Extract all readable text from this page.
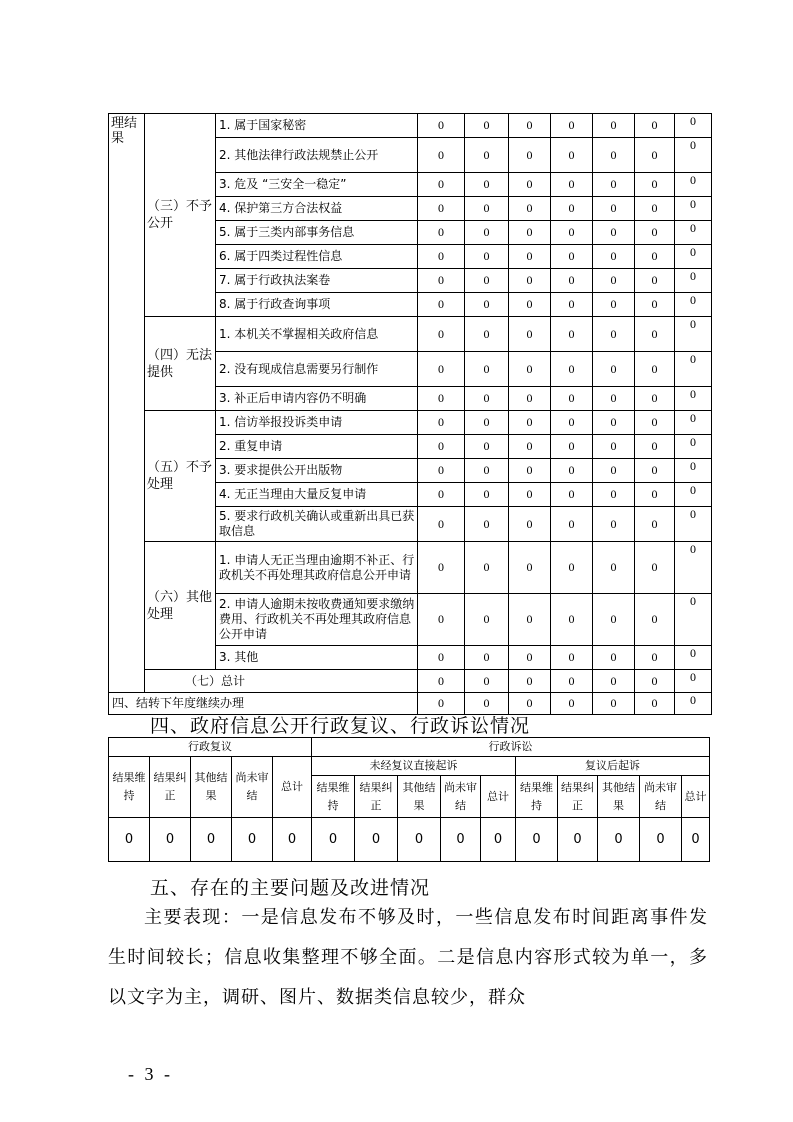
理结果	（三）不予公开	1. 属于国家秘密	0	0	0	0	0	0	0
		2. 其他法律行政法规禁止公开	0	0	0	0	0	0	0
		3. 危及 “三安全一稳定”	0	0	0	0	0	0	0
		4. 保护第三方合法权益	0	0	0	0	0	0	0
		5. 属于三类内部事务信息	0	0	0	0	0	0	0
		6. 属于四类过程性信息	0	0	0	0	0	0	0
		7. 属于行政执法案卷	0	0	0	0	0	0	0
		8. 属于行政查询事项	0	0	0	0	0	0	0
	（四）无法提供	1. 本机关不掌握相关政府信息	0	0	0	0	0	0	0
		2. 没有现成信息需要另行制作	0	0	0	0	0	0	0
		3. 补正后申请内容仍不明确	0	0	0	0	0	0	0
	（五）不予处理	1. 信访举报投诉类申请	0	0	0	0	0	0	0
		2. 重复申请	0	0	0	0	0	0	0
		3. 要求提供公开出版物	0	0	0	0	0	0	0
		4. 无正当理由大量反复申请	0	0	0	0	0	0	0
		5. 要求行政机关确认或重新出具已获取信息	0	0	0	0	0	0	0
	（六）其他处理	1. 申请人无正当理由逾期不补正、行政机关不再处理其政府信息公开申请	0	0	0	0	0	0	0
		2. 申请人逾期未按收费通知要求缴纳费用、行政机关不再处理其政府信息公开申请	0	0	0	0	0	0	0
		3. 其他	0	0	0	0	0	0	0
	（七）总计		0	0	0	0	0	0	0
四、结转下年度继续办理			0	0	0	0	0	0	0
四、政府信息公开行政复议、行政诉讼情况
行政复议					行政诉讼									
结果维持	结果纠正	其他结果	尚未审结	总计	未经复议直接起诉					复议后起诉				
					结果维持	结果纠正	其他结果	尚未审结	总计	结果维持	结果纠正	其他结果	尚未审结	总计
0	0	0	0	0	0	0	0	0	0	0	0	0	0	0
五、存在的主要问题及改进情况
主要表现：一是信息发布不够及时，一些信息发布时间距离事件发生时间较长；信息收集整理不够全面。二是信息内容形式较为单一，多以文字为主，调研、图片、数据类信息较少，群众
- 3 -
